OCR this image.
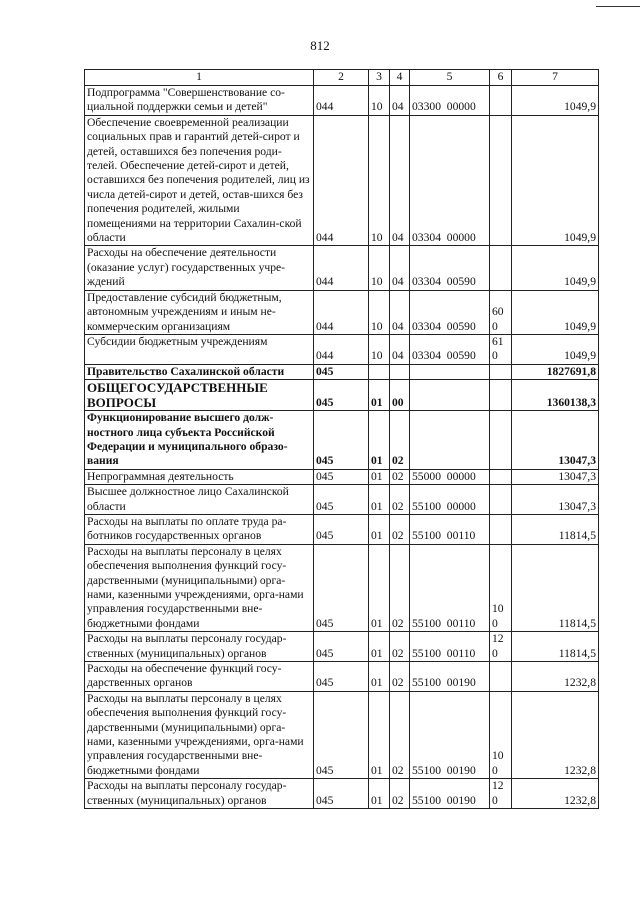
812
1	2	3	4	5	6	7
Подпрограмма "Совершенствование со-циальной поддержки семьи и детей"	044	10	04	03300 00000		1049,9
Обеспечение своевременной реализации социальных прав и гарантий детей-сирот и детей, оставшихся без попечения роди-телей. Обеспечение детей-сирот и детей, оставшихся без попечения родителей, лиц из числа детей-сирот и детей, остав-шихся без попечения родителей, жилыми помещениями на территории Сахалин-ской области	044	10	04	03304 00000		1049,9
Расходы на обеспечение деятельности (оказание услуг) государственных учре-ждений	044	10	04	03304 00590		1049,9
Предоставление субсидий бюджетным, автономным учреждениям и иным не-коммерческим организациям	044	10	04	03304 00590	600	1049,9
Субсидии бюджетным учреждениям	044	10	04	03304 00590	610	1049,9
Правительство Сахалинской области	045					1827691,8
ОБЩЕГОСУДАРСТВЕННЫЕ ВОПРОСЫ	045	01	00			1360138,3
Функционирование высшего долж-ностного лица субъекта Российской Федерации и муниципального образо-вания	045	01	02			13047,3
Непрограммная деятельность	045	01	02	55000 00000		13047,3
Высшее должностное лицо Сахалинской области	045	01	02	55100 00000		13047,3
Расходы на выплаты по оплате труда ра-ботников государственных органов	045	01	02	55100 00110		11814,5
Расходы на выплаты персоналу в целях обеспечения выполнения функций госу-дарственными (муниципальными) орга-нами, казенными учреждениями, орга-нами управления государственными вне-бюджетными фондами	045	01	02	55100 00110	100	11814,5
Расходы на выплаты персоналу государ-ственных (муниципальных) органов	045	01	02	55100 00110	120	11814,5
Расходы на обеспечение функций госу-дарственных органов	045	01	02	55100 00190		1232,8
Расходы на выплаты персоналу в целях обеспечения выполнения функций госу-дарственными (муниципальными) орга-нами, казенными учреждениями, орга-нами управления государственными вне-бюджетными фондами	045	01	02	55100 00190	100	1232,8
Расходы на выплаты персоналу государ-ственных (муниципальных) органов	045	01	02	55100 00190	120	1232,8
